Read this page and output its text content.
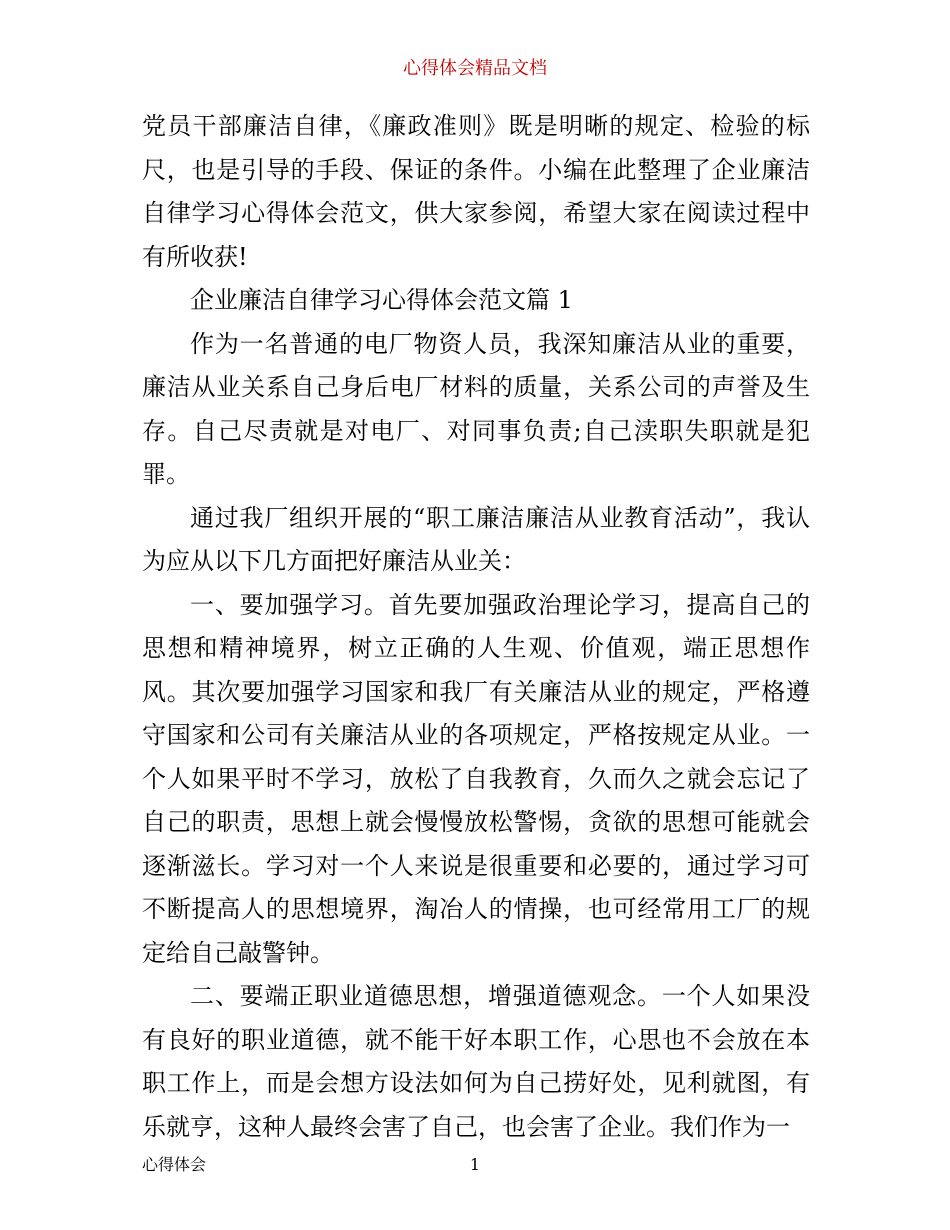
心得体会精品文档

党员干部廉洁自律，《廉政准则》既是明晰的规定、检验的标尺，也是引导的手段、保证的条件。小编在此整理了企业廉洁自律学习心得体会范文，供大家参阅，希望大家在阅读过程中有所收获!

企业廉洁自律学习心得体会范文篇 1

作为一名普通的电厂物资人员，我深知廉洁从业的重要，廉洁从业关系自己身后电厂材料的质量，关系公司的声誉及生存。自己尽责就是对电厂、对同事负责;自己渎职失职就是犯罪。

通过我厂组织开展的“职工廉洁廉洁从业教育活动”，我认为应从以下几方面把好廉洁从业关：

一、要加强学习。首先要加强政治理论学习，提高自己的思想和精神境界，树立正确的人生观、价值观，端正思想作风。其次要加强学习国家和我厂有关廉洁从业的规定，严格遵守国家和公司有关廉洁从业的各项规定，严格按规定从业。一个人如果平时不学习，放松了自我教育，久而久之就会忘记了自己的职责，思想上就会慢慢放松警惕，贪欲的思想可能就会逐渐滋长。学习对一个人来说是很重要和必要的，通过学习可不断提高人的思想境界，淘冶人的情操，也可经常用工厂的规定给自己敲警钟。

二、要端正职业道德思想，增强道德观念。一个人如果没有良好的职业道德，就不能干好本职工作，心思也不会放在本职工作上，而是会想方设法如何为自己捞好处，见利就图，有乐就亨，这种人最终会害了自己，也会害了企业。我们作为一

心得体会	1
